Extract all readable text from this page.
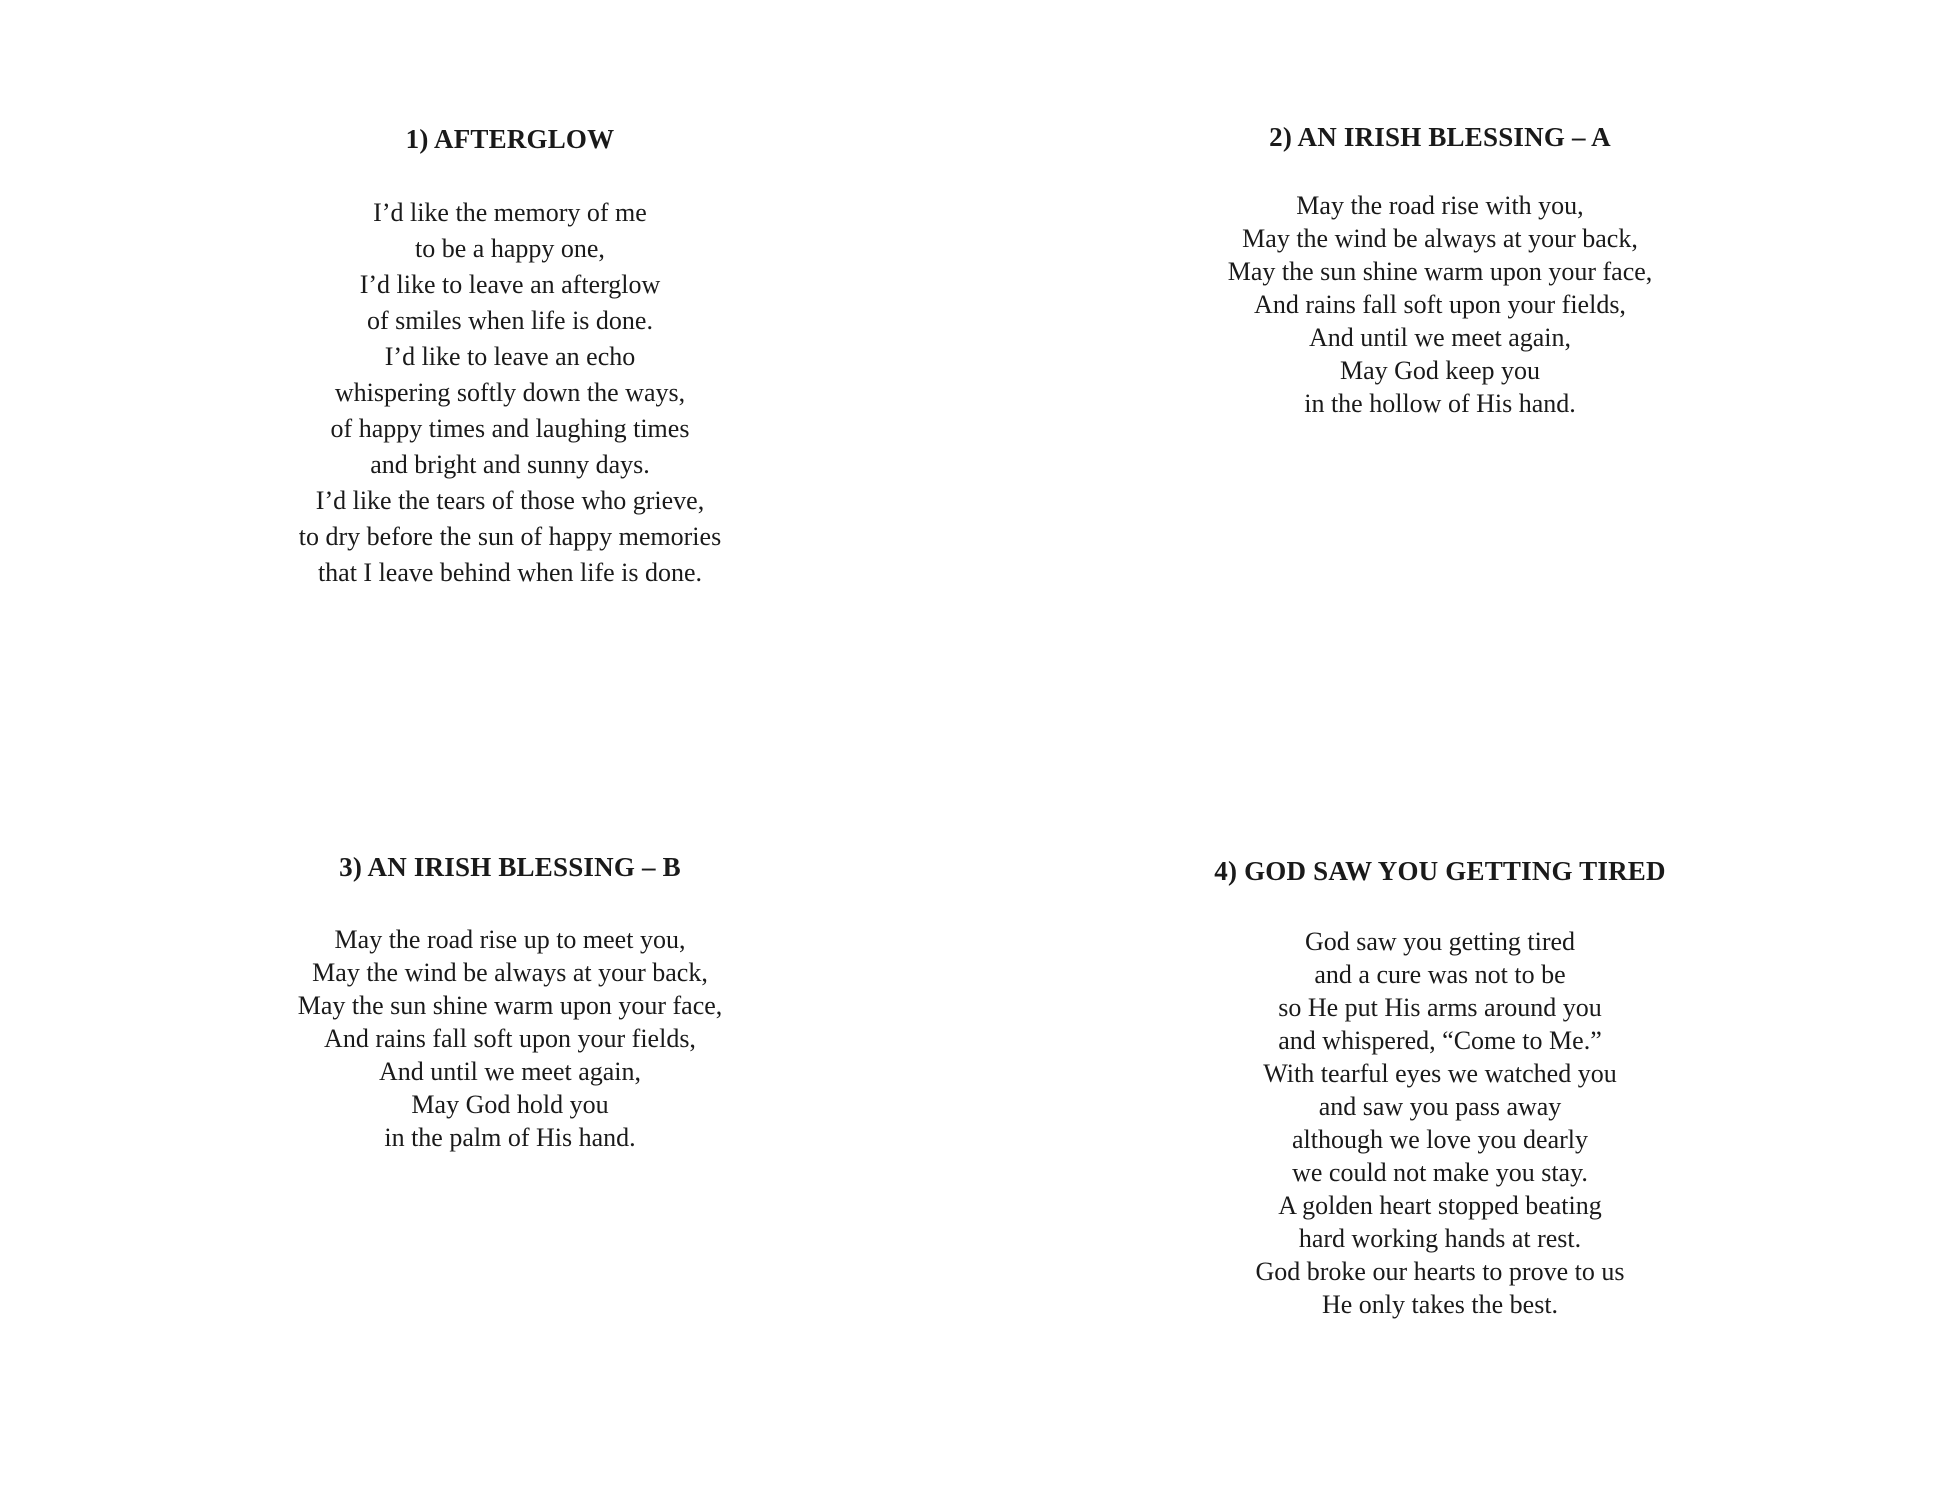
1) AFTERGLOW
I’d like the memory of me
to be a happy one,
I’d like to leave an afterglow
of smiles when life is done.
I’d like to leave an echo
whispering softly down the ways,
of happy times and laughing times
and bright and sunny days.
I’d like the tears of those who grieve,
to dry before the sun of happy memories
that I leave behind when life is done.
2) AN IRISH BLESSING – A
May the road rise with you,
May the wind be always at your back,
May the sun shine warm upon your face,
And rains fall soft upon your fields,
And until we meet again,
May God keep you
in the hollow of His hand.
3) AN IRISH BLESSING – B
May the road rise up to meet you,
May the wind be always at your back,
May the sun shine warm upon your face,
And rains fall soft upon your fields,
And until we meet again,
May God hold you
in the palm of His hand.
4) GOD SAW YOU GETTING TIRED
God saw you getting tired
and a cure was not to be
so He put His arms around you
and whispered, “Come to Me.”
With tearful eyes we watched you
and saw you pass away
although we love you dearly
we could not make you stay.
A golden heart stopped beating
hard working hands at rest.
God broke our hearts to prove to us
He only takes the best.
